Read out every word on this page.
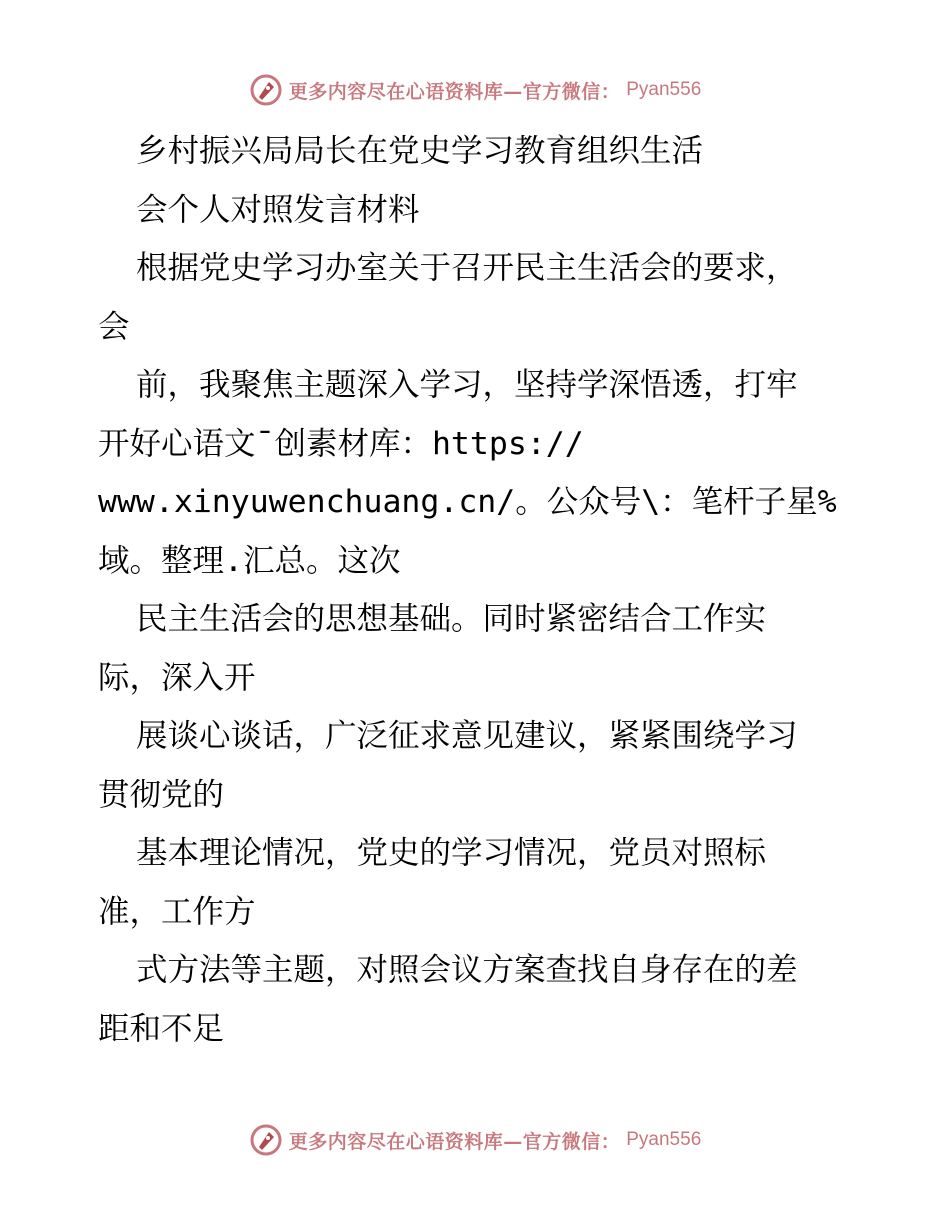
更多内容尽在心语资料库—官方微信： Pyan556
乡村振兴局局长在党史学习教育组织生活
会个人对照发言材料
根据党史学习办室关于召开民主生活会的要求，
会
前，我聚焦主题深入学习，坚持学深悟透，打牢
开好心语文¯创素材库：https://
www.xinyuwenchuang.cn/。公众号\：笔杆子星%
域。整理.汇总。这次
民主生活会的思想基础。同时紧密结合工作实
际，深入开
展谈心谈话，广泛征求意见建议，紧紧围绕学习
贯彻党的
基本理论情况，党史的学习情况，党员对照标
准，工作方
式方法等主题，对照会议方案查找自身存在的差
距和不足
更多内容尽在心语资料库—官方微信： Pyan556
